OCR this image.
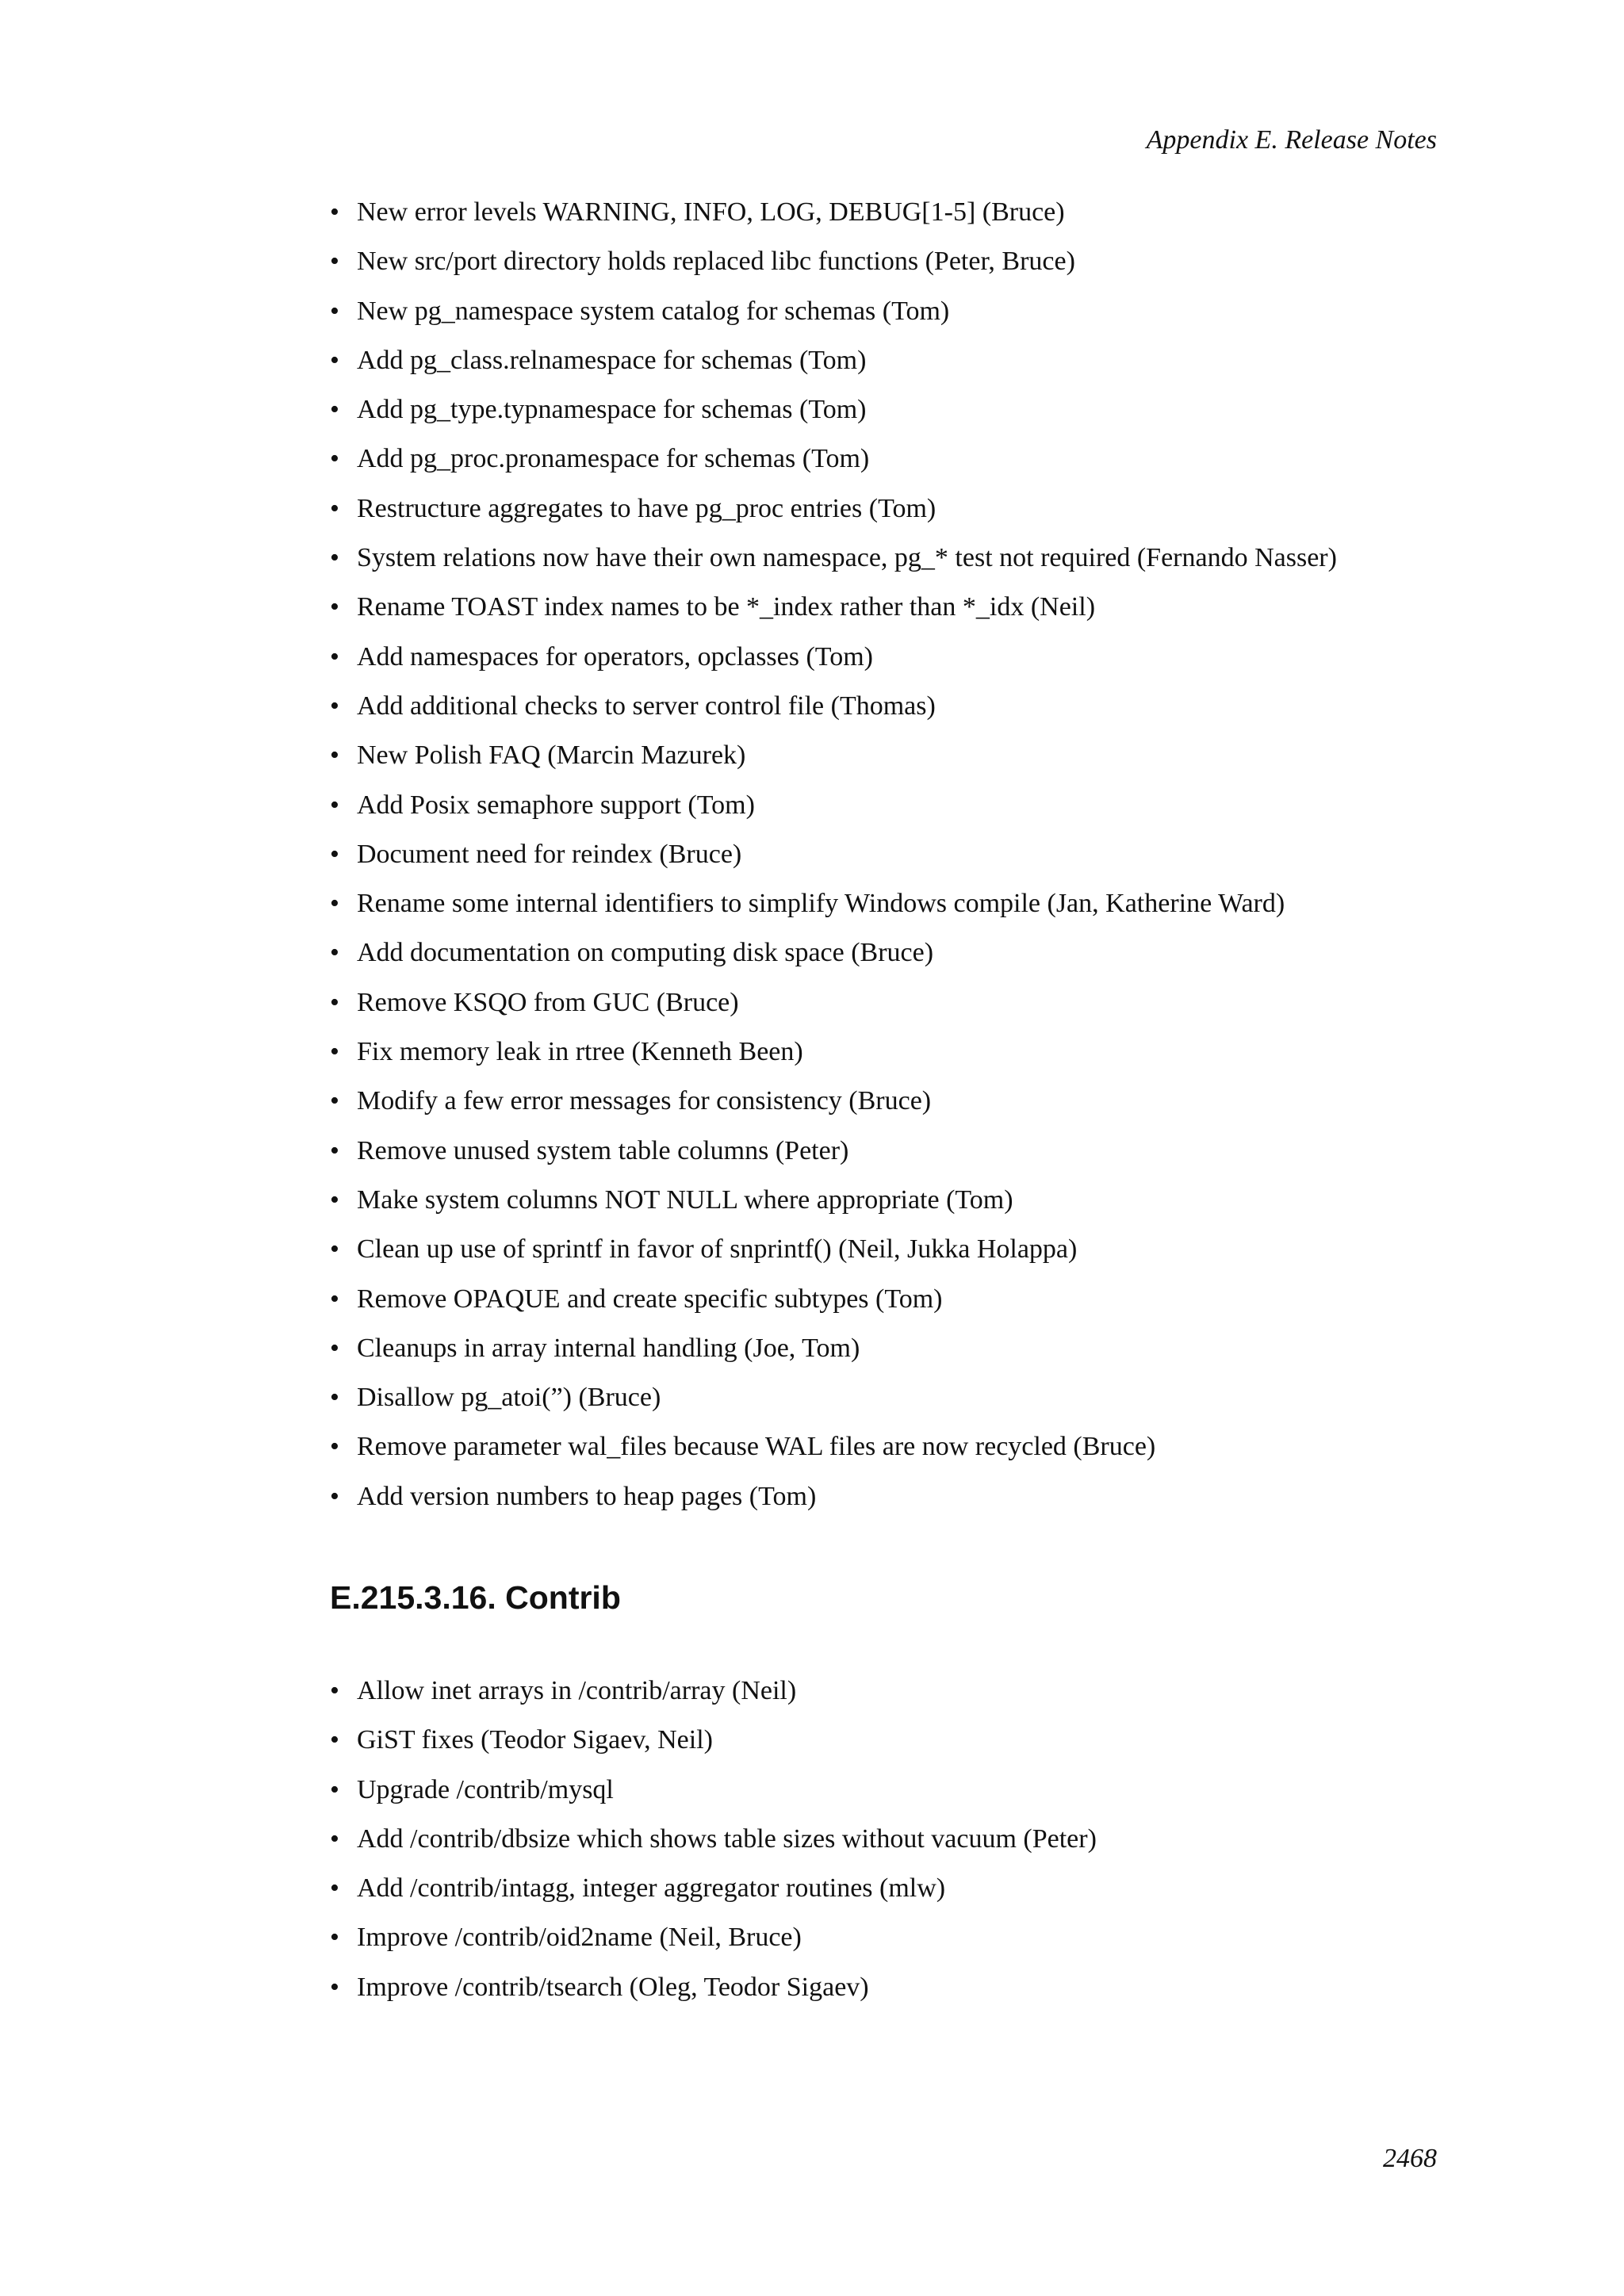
Appendix E. Release Notes
• New error levels WARNING, INFO, LOG, DEBUG[1-5] (Bruce)
• New src/port directory holds replaced libc functions (Peter, Bruce)
• New pg_namespace system catalog for schemas (Tom)
• Add pg_class.relnamespace for schemas (Tom)
• Add pg_type.typnamespace for schemas (Tom)
• Add pg_proc.pronamespace for schemas (Tom)
• Restructure aggregates to have pg_proc entries (Tom)
• System relations now have their own namespace, pg_* test not required (Fernando Nasser)
• Rename TOAST index names to be *_index rather than *_idx (Neil)
• Add namespaces for operators, opclasses (Tom)
• Add additional checks to server control file (Thomas)
• New Polish FAQ (Marcin Mazurek)
• Add Posix semaphore support (Tom)
• Document need for reindex (Bruce)
• Rename some internal identifiers to simplify Windows compile (Jan, Katherine Ward)
• Add documentation on computing disk space (Bruce)
• Remove KSQO from GUC (Bruce)
• Fix memory leak in rtree (Kenneth Been)
• Modify a few error messages for consistency (Bruce)
• Remove unused system table columns (Peter)
• Make system columns NOT NULL where appropriate (Tom)
• Clean up use of sprintf in favor of snprintf() (Neil, Jukka Holappa)
• Remove OPAQUE and create specific subtypes (Tom)
• Cleanups in array internal handling (Joe, Tom)
• Disallow pg_atoi(”) (Bruce)
• Remove parameter wal_files because WAL files are now recycled (Bruce)
• Add version numbers to heap pages (Tom)
E.215.3.16. Contrib
• Allow inet arrays in /contrib/array (Neil)
• GiST fixes (Teodor Sigaev, Neil)
• Upgrade /contrib/mysql
• Add /contrib/dbsize which shows table sizes without vacuum (Peter)
• Add /contrib/intagg, integer aggregator routines (mlw)
• Improve /contrib/oid2name (Neil, Bruce)
• Improve /contrib/tsearch (Oleg, Teodor Sigaev)
2468
